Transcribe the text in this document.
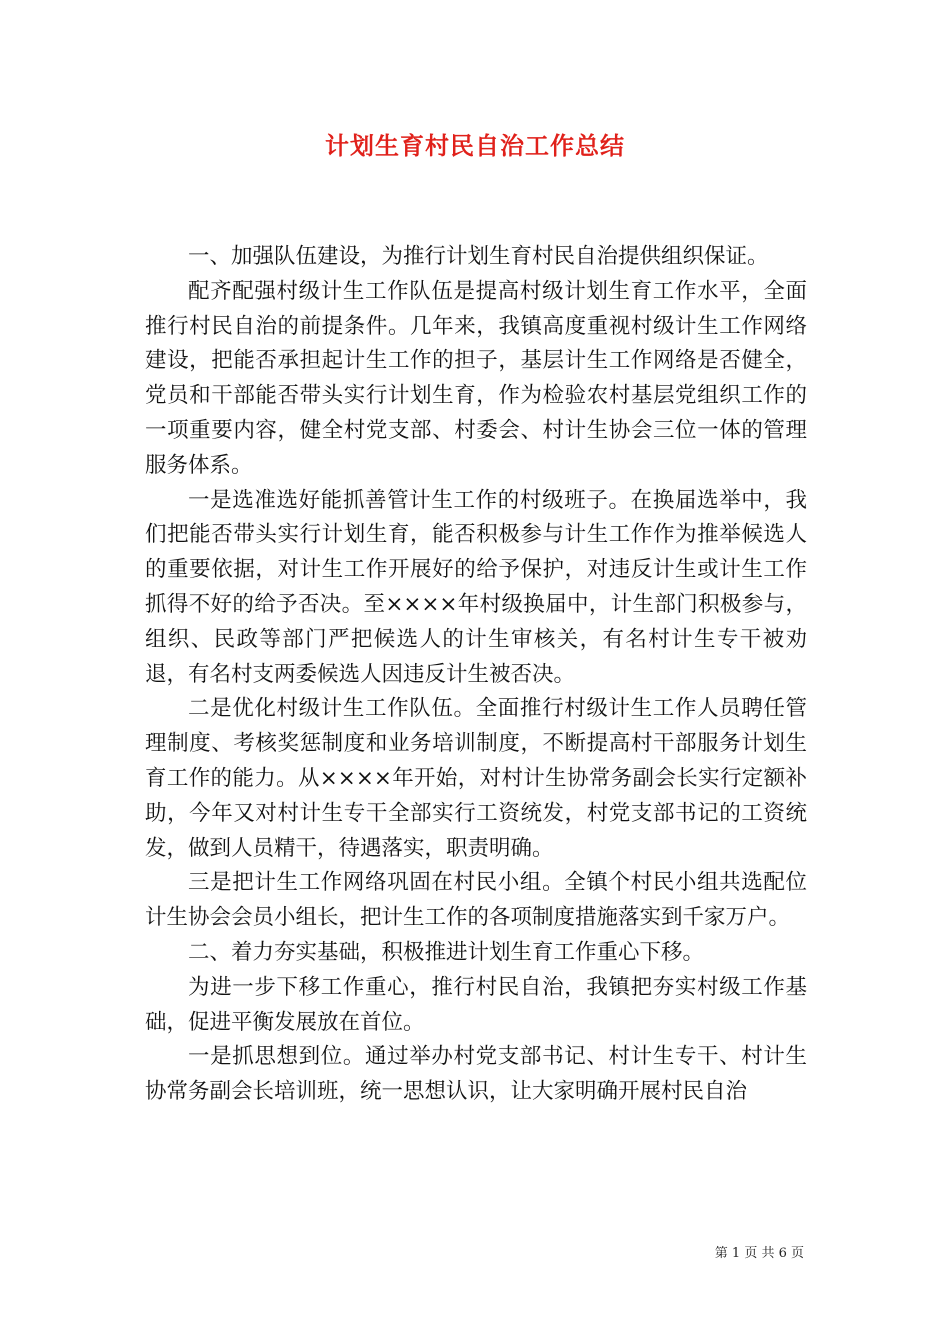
计划生育村民自治工作总结

一、加强队伍建设，为推行计划生育村民自治提供组织保证。

配齐配强村级计生工作队伍是提高村级计划生育工作水平，全面推行村民自治的前提条件。几年来，我镇高度重视村级计生工作网络建设，把能否承担起计生工作的担子，基层计生工作网络是否健全，党员和干部能否带头实行计划生育，作为检验农村基层党组织工作的一项重要内容，健全村党支部、村委会、村计生协会三位一体的管理服务体系。

一是选准选好能抓善管计生工作的村级班子。在换届选举中，我们把能否带头实行计划生育，能否积极参与计生工作作为推举候选人的重要依据，对计生工作开展好的给予保护，对违反计生或计生工作抓得不好的给予否决。至××××年村级换届中，计生部门积极参与，组织、民政等部门严把候选人的计生审核关，有名村计生专干被劝退，有名村支两委候选人因违反计生被否决。

二是优化村级计生工作队伍。全面推行村级计生工作人员聘任管理制度、考核奖惩制度和业务培训制度，不断提高村干部服务计划生育工作的能力。从××××年开始，对村计生协常务副会长实行定额补助，今年又对村计生专干全部实行工资统发，村党支部书记的工资统发，做到人员精干，待遇落实，职责明确。

三是把计生工作网络巩固在村民小组。全镇个村民小组共选配位计生协会会员小组长，把计生工作的各项制度措施落实到千家万户。

二、着力夯实基础，积极推进计划生育工作重心下移。

为进一步下移工作重心，推行村民自治，我镇把夯实村级工作基础，促进平衡发展放在首位。

一是抓思想到位。通过举办村党支部书记、村计生专干、村计生协常务副会长培训班，统一思想认识，让大家明确开展村民自治

第 1 页 共 6 页
